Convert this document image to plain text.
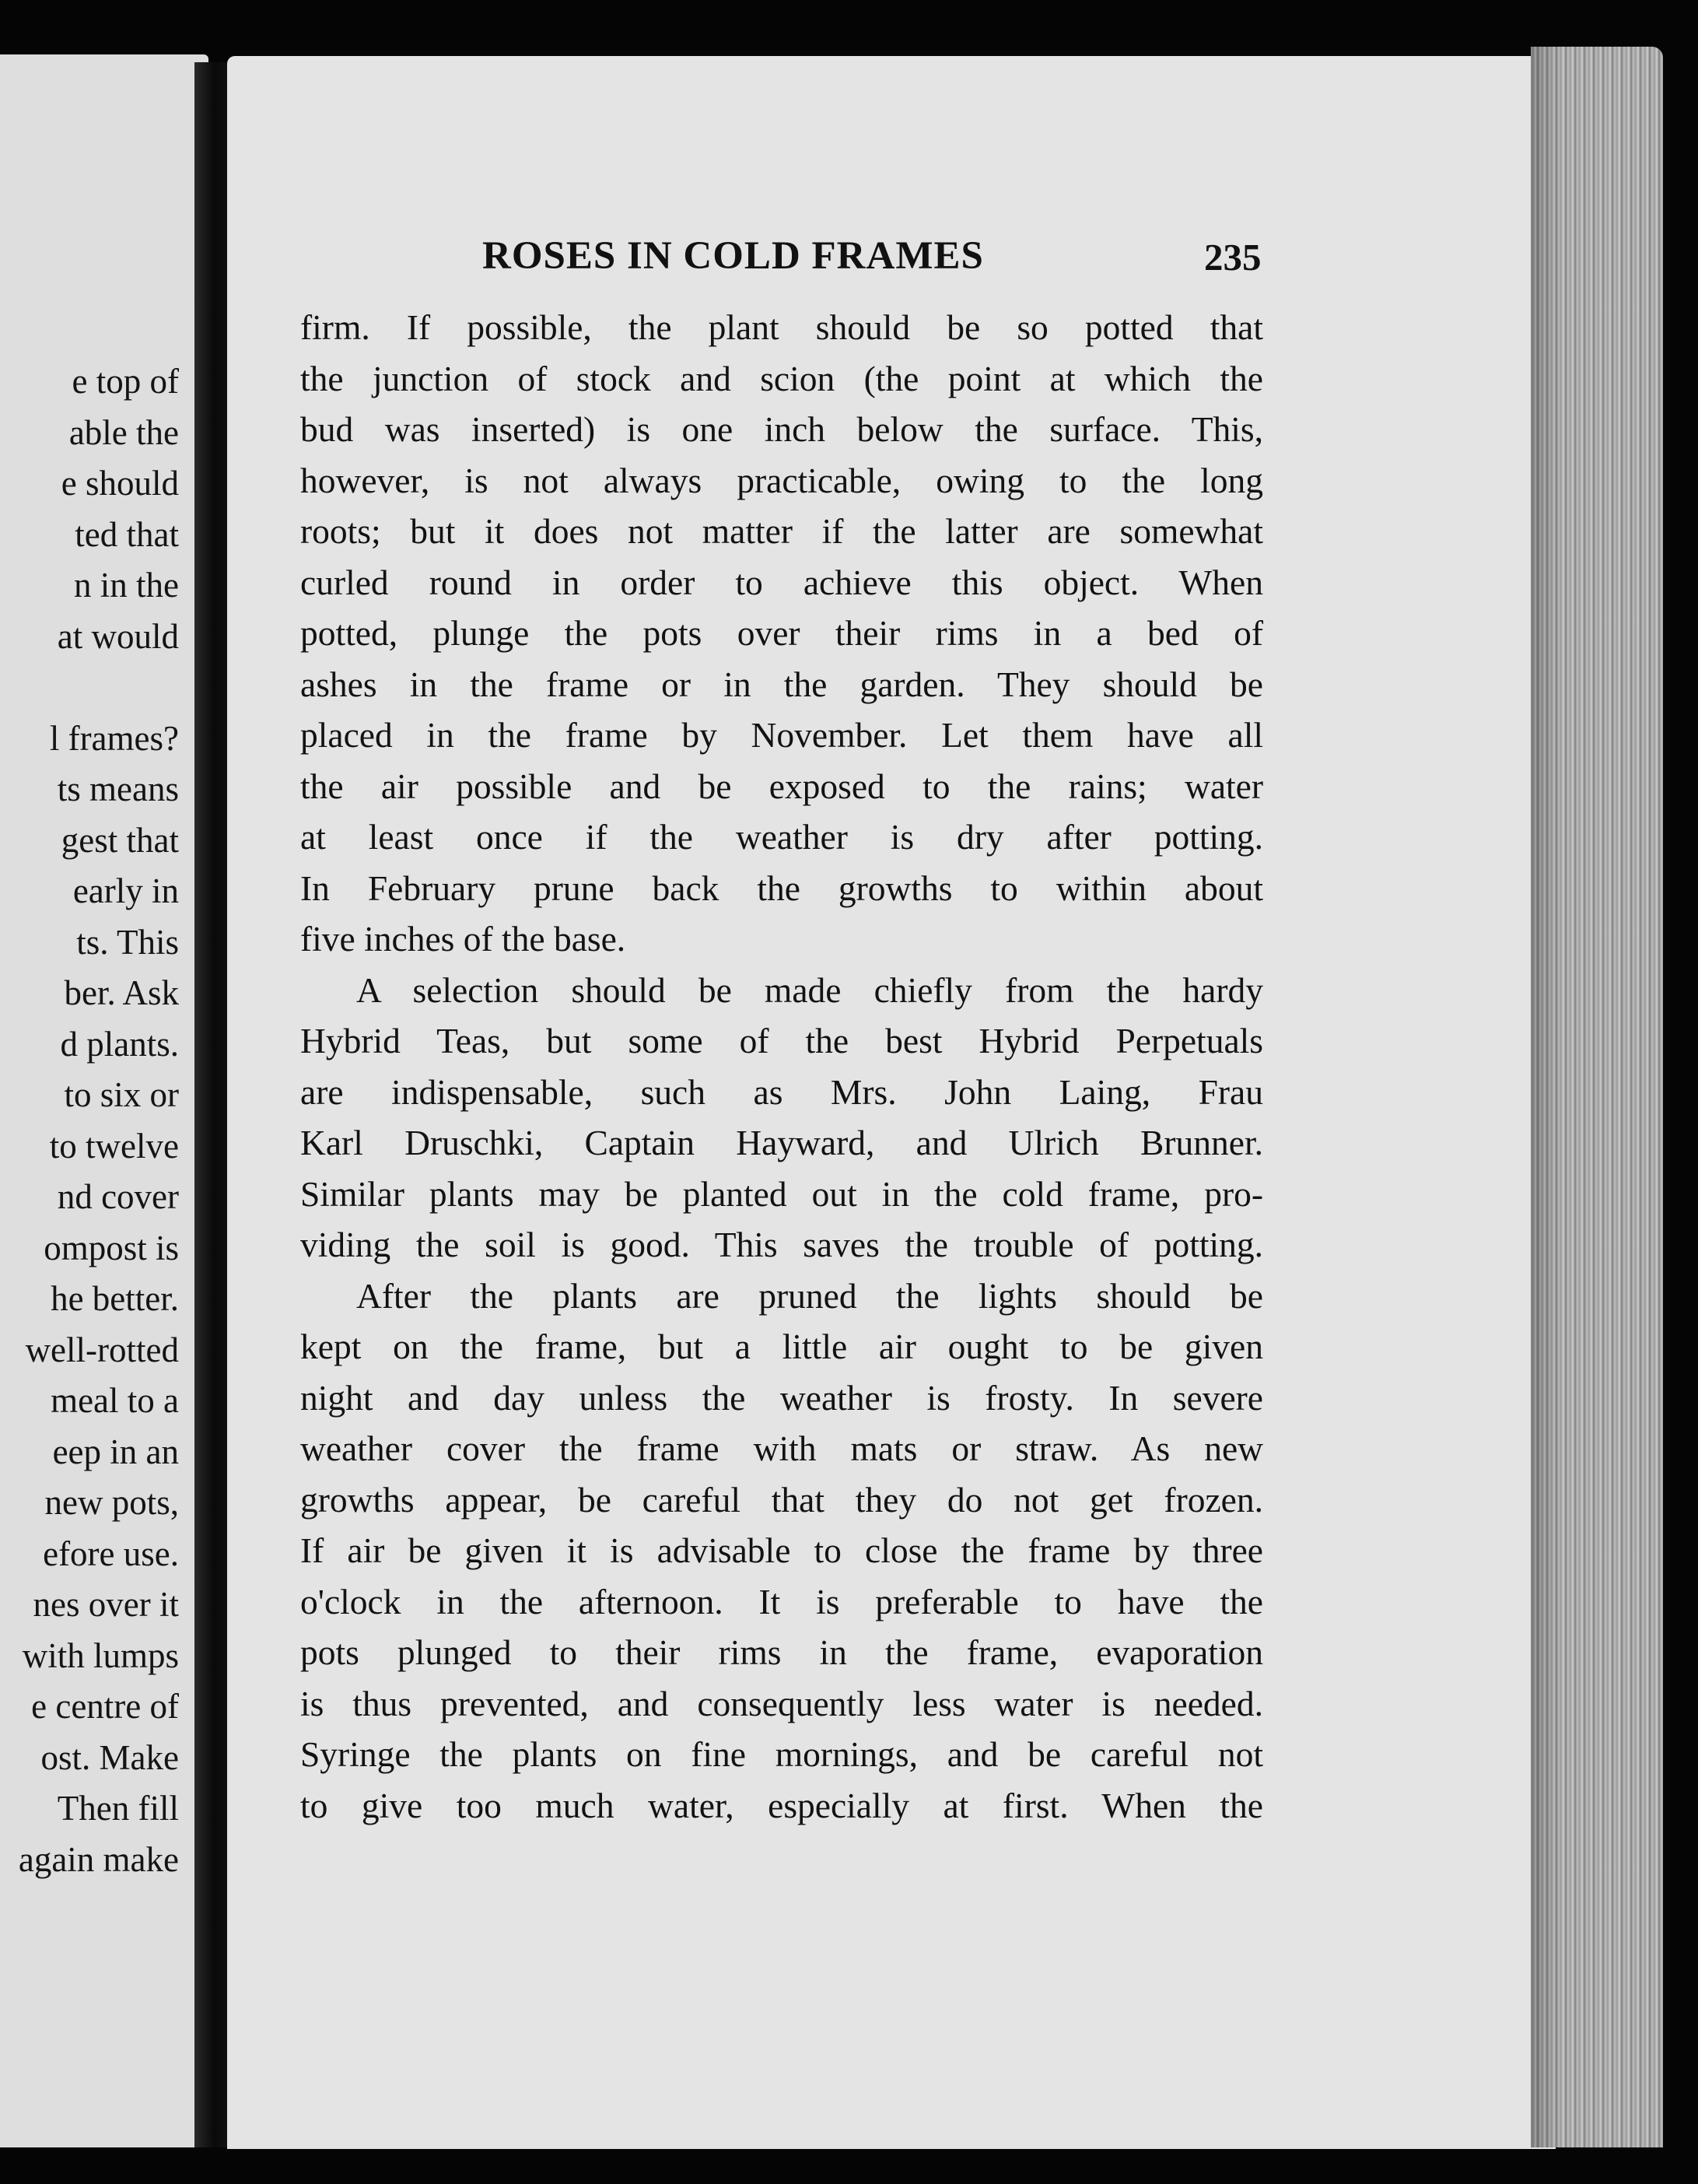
e top of
able the
e should
ted that
n in the
at would
l frames?
ts means
gest that
early in
ts. This
ber. Ask
d plants.
to six or
to twelve
nd cover
ompost is
he better.
well-rotted
meal to a
eep in an
new pots,
efore use.
nes over it
with lumps
e centre of
ost. Make
Then fill
again make
ROSES IN COLD FRAMES	235
firm. If possible, the plant should be so potted that
the junction of stock and scion (the point at which the
bud was inserted) is one inch below the surface. This,
however, is not always practicable, owing to the long
roots; but it does not matter if the latter are somewhat
curled round in order to achieve this object. When
potted, plunge the pots over their rims in a bed of
ashes in the frame or in the garden. They should be
placed in the frame by November. Let them have all
the air possible and be exposed to the rains; water
at least once if the weather is dry after potting.
In February prune back the growths to within about
five inches of the base.
A selection should be made chiefly from the hardy
Hybrid Teas, but some of the best Hybrid Perpetuals
are indispensable, such as Mrs. John Laing, Frau
Karl Druschki, Captain Hayward, and Ulrich Brunner.
Similar plants may be planted out in the cold frame, pro-
viding the soil is good. This saves the trouble of potting.
After the plants are pruned the lights should be
kept on the frame, but a little air ought to be given
night and day unless the weather is frosty. In severe
weather cover the frame with mats or straw. As new
growths appear, be careful that they do not get frozen.
If air be given it is advisable to close the frame by three
o'clock in the afternoon. It is preferable to have the
pots plunged to their rims in the frame, evaporation
is thus prevented, and consequently less water is needed.
Syringe the plants on fine mornings, and be careful not
to give too much water, especially at first. When the
